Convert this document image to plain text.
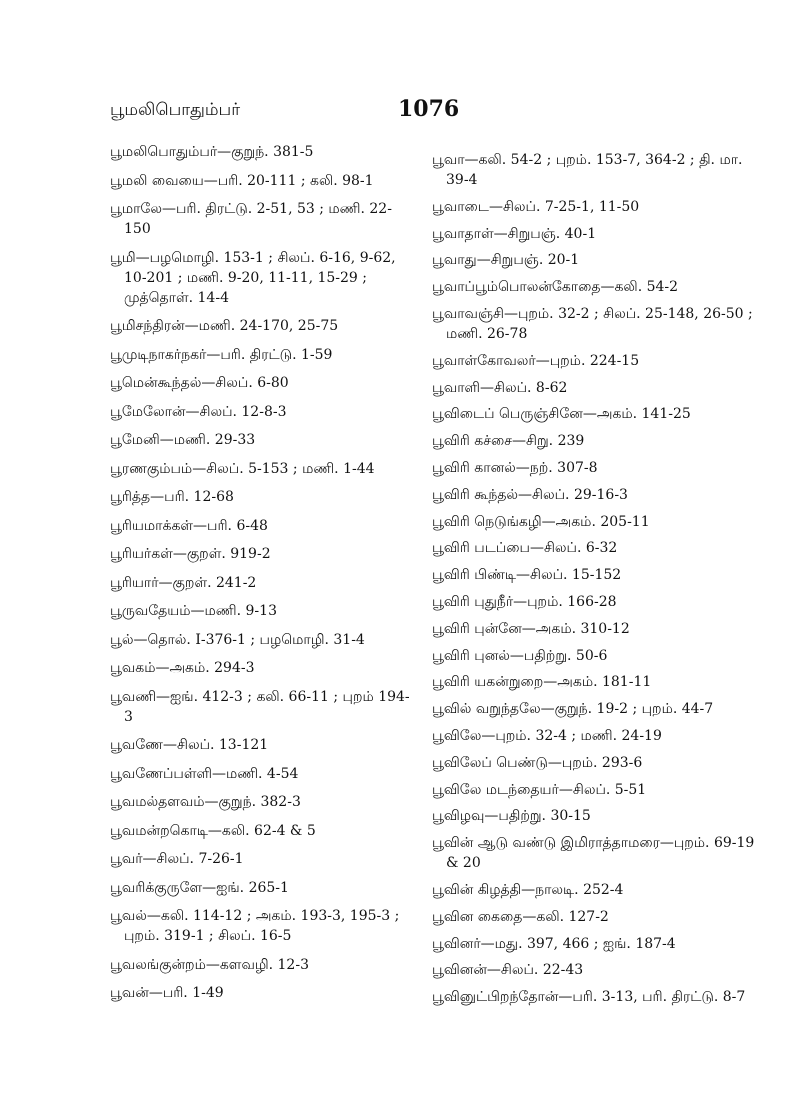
பூமலிபொதும்பர்	1076

பூமலிபொதும்பர்—குறுந். 381-5

பூமலி வையை—பரி. 20-111 ; கலி. 98-1

பூமாலே—பரி. திரட்டு. 2-51, 53 ; மணி. 22-150

பூமி—பழமொழி. 153-1 ; சிலப். 6-16, 9-62, 10-201 ; மணி. 9-20, 11-11, 15-29 ; முத்தொள். 14-4

பூமிசந்திரன்—மணி. 24-170, 25-75

பூமுடிநாகர்நகர்—பரி. திரட்டு. 1-59

பூமென்கூந்தல்—சிலப். 6-80

பூமேலோன்—சிலப். 12-8-3

பூமேனி—மணி. 29-33

பூரணகும்பம்—சிலப். 5-153 ; மணி. 1-44

பூரித்த—பரி. 12-68

பூரியமாக்கள்—பரி. 6-48

பூரியர்கள்—குறள். 919-2

பூரியார்—குறள். 241-2

பூருவதேயம்—மணி. 9-13

பூல்—தொல். I-376-1 ; பழமொழி. 31-4

பூவகம்—அகம். 294-3

பூவணி—ஐங். 412-3 ; கலி. 66-11 ; புறம் 194-3

பூவணே—சிலப். 13-121

பூவணேப்பள்ளி—மணி. 4-54

பூவமல்தளவம்—குறுந். 382-3

பூவமன்றகொடி—கலி. 62-4 & 5

பூவர்—சிலப். 7-26-1

பூவரிக்குருளே—ஐங். 265-1

பூவல்—கலி. 114-12 ; அகம். 193-3, 195-3 ; புறம். 319-1 ; சிலப். 16-5

பூவலங்குன்றம்—களவழி. 12-3

பூவன்—பரி. 1-49

பூவா—கலி. 54-2 ; புறம். 153-7, 364-2 ; தி. மா. 39-4

பூவாடை—சிலப். 7-25-1, 11-50

பூவாதாள்—சிறுபஞ். 40-1

பூவாது—சிறுபஞ். 20-1

பூவாப்பூம்பொலன்கோதை—கலி. 54-2

பூவாவஞ்சி—புறம். 32-2 ; சிலப். 25-148, 26-50 ; மணி. 26-78

பூவாள்கோவலர்—புறம். 224-15

பூவாளி—சிலப். 8-62

பூவிடைப் பெருஞ்சினே—அகம். 141-25

பூவிரி கச்சை—சிறு. 239

பூவிரி கானல்—நற். 307-8

பூவிரி கூந்தல்—சிலப். 29-16-3

பூவிரி நெடுங்கழி—அகம். 205-11

பூவிரி படப்பை—சிலப். 6-32

பூவிரி பிண்டி—சிலப். 15-152

பூவிரி புதுநீர்—புறம். 166-28

பூவிரி புன்னே—அகம். 310-12

பூவிரி புனல்—பதிற்று. 50-6

பூவிரி யகன்றுறை—அகம். 181-11

பூவில் வறுந்தலே—குறுந். 19-2 ; புறம். 44-7

பூவிலே—புறம். 32-4 ; மணி. 24-19

பூவிலேப் பெண்டு—புறம். 293-6

பூவிலே மடந்தையர்—சிலப். 5-51

பூவிழவு—பதிற்று. 30-15

பூவின் ஆடு வண்டு இமிராத்தாமரை—புறம். 69-19 & 20

பூவின் கிழத்தி—நாலடி. 252-4

பூவின கைதை—கலி. 127-2

பூவினர்—மது. 397, 466 ; ஐங். 187-4

பூவினன்—சிலப். 22-43

பூவினுட்பிறந்தோன்—பரி. 3-13, பரி. திரட்டு. 8-7
